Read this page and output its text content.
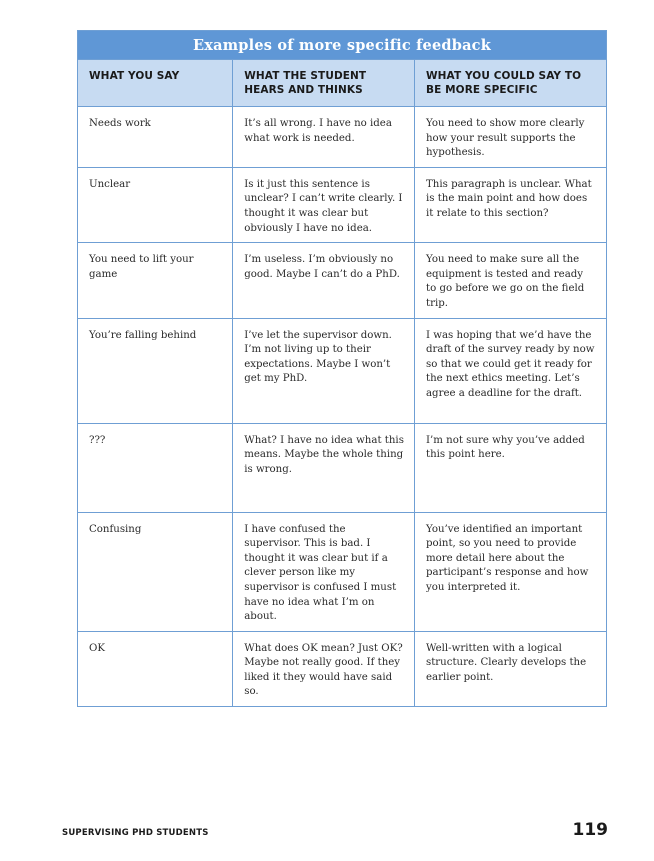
Examples of more specific feedback		
WHAT YOU SAY	WHAT THE STUDENT HEARS AND THINKS	WHAT YOU COULD SAY TO BE MORE SPECIFIC
Needs work	It’s all wrong. I have no idea what work is needed.	You need to show more clearly how your result supports the hypothesis.
Unclear	Is it just this sentence is unclear? I can’t write clearly. I thought it was clear but obviously I have no idea.	This paragraph is unclear. What is the main point and how does it relate to this section?
You need to lift your game	I’m useless. I’m obviously no good. Maybe I can’t do a PhD.	You need to make sure all the equipment is tested and ready to go before we go on the field trip.
You’re falling behind	I’ve let the supervisor down. I’m not living up to their expectations. Maybe I won’t get my PhD.	I was hoping that we’d have the draft of the survey ready by now so that we could get it ready for the next ethics meeting. Let’s agree a deadline for the draft.
???	What? I have no idea what this means. Maybe the whole thing is wrong.	I’m not sure why you’ve added this point here.
Confusing	I have confused the supervisor. This is bad. I thought it was clear but if a clever person like my supervisor is confused I must have no idea what I’m on about.	You’ve identified an important point, so you need to provide more detail here about the participant’s response and how you interpreted it.
OK	What does OK mean? Just OK? Maybe not really good. If they liked it they would have said so.	Well-written with a logical structure. Clearly develops the earlier point.
SUPERVISING PHD STUDENTS	119
